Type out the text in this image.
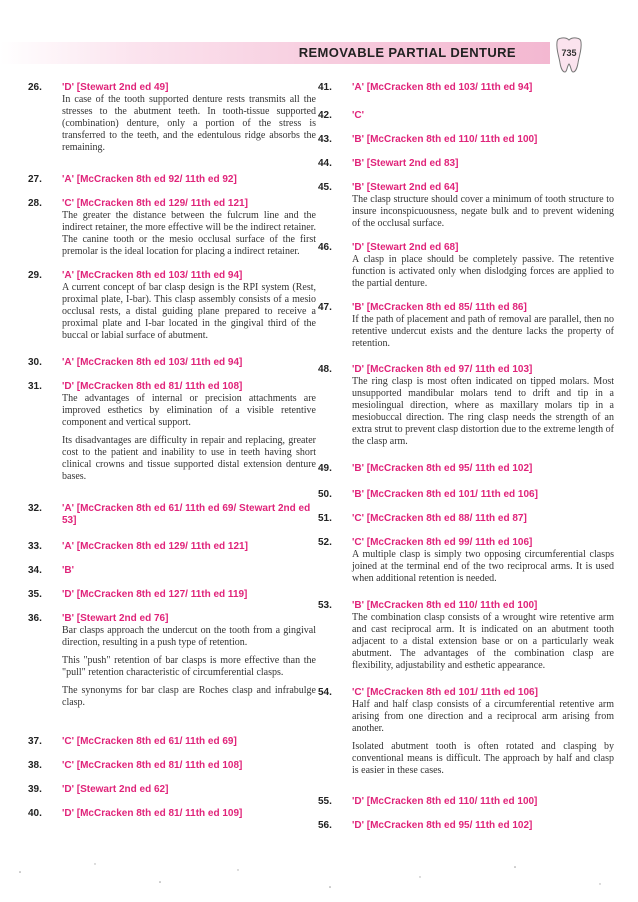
REMOVABLE PARTIAL DENTURE	735
26.	'D' [Stewart 2nd ed 49]

In case of the tooth supported denture rests transmits all the stresses to the abutment teeth. In tooth-tissue supported (combination) denture, only a portion of the stress is transferred to the teeth, and the edentulous ridge absorbs the remaining.

27.	'A' [McCracken 8th ed 92/ 11th ed 92]
28.	'C' [McCracken 8th ed 129/ 11th ed 121]

The greater the distance between the fulcrum line and the indirect retainer, the more effective will be the indirect retainer. The canine tooth or the mesio occlusal surface of the first premolar is the ideal location for placing a indirect retainer.

29.	'A' [McCracken 8th ed 103/ 11th ed 94]

A current concept of bar clasp design is the RPI system (Rest, proximal plate, I-bar). This clasp assembly consists of a mesio occlusal rests, a distal guiding plane prepared to receive a proximal plate and I-bar located in the gingival third of the buccal or labial surface of abutment.

30.	'A' [McCracken 8th ed 103/ 11th ed 94]
31.	'D' [McCracken 8th ed 81/ 11th ed 108]

The advantages of internal or precision attachments are improved esthetics by elimination of a visible retentive component and vertical support.

Its disadvantages are difficulty in repair and replacing, greater cost to the patient and inability to use in teeth having short clinical crowns and tissue supported distal extension denture bases.

32.	'A' [McCracken 8th ed 61/ 11th ed 69/ Stewart 2nd ed 53]
33.	'A' [McCracken 8th ed 129/ 11th ed 121]
34.	'B'
35.	'D' [McCracken 8th ed 127/ 11th ed 119]
36.	'B' [Stewart 2nd ed 76]

Bar clasps approach the undercut on the tooth from a gingival direction, resulting in a push type of retention.

This "push" retention of bar clasps is more effective than the "pull" retention characteristic of circumferential clasps.

The synonyms for bar clasp are Roches clasp and infrabulge clasp.

37.	'C' [McCracken 8th ed 61/ 11th ed 69]
38.	'C' [McCracken 8th ed 81/ 11th ed 108]
39.	'D' [Stewart 2nd ed 62]
40.	'D' [McCracken 8th ed 81/ 11th ed 109]
41.	'A' [McCracken 8th ed 103/ 11th ed 94]
42.	'C'
43.	'B' [McCracken 8th ed 110/ 11th ed 100]
44.	'B' [Stewart 2nd ed 83]
45.	'B' [Stewart 2nd ed 64]

The clasp structure should cover a minimum of tooth structure to insure inconspicuousness, negate bulk and to prevent widening of the occlusal surface.

46.	'D' [Stewart 2nd ed 68]

A clasp in place should be completely passive. The retentive function is activated only when dislodging forces are applied to the partial denture.

47.	'B' [McCracken 8th ed 85/ 11th ed 86]

If the path of placement and path of removal are parallel, then no retentive undercut exists and the denture lacks the property of retention.

48.	'D' [McCracken 8th ed 97/ 11th ed 103]

The ring clasp is most often indicated on tipped molars. Most unsupported mandibular molars tend to drift and tip in a mesiolingual direction, where as maxillary molars tip in a mesiobuccal direction. The ring clasp needs the strength of an extra strut to prevent clasp distortion due to the extreme length of the clasp arm.

49.	'B' [McCracken 8th ed 95/ 11th ed 102]
50.	'B' [McCracken 8th ed 101/ 11th ed 106]
51.	'C' [McCracken 8th ed 88/ 11th ed 87]
52.	'C' [McCracken 8th ed 99/ 11th ed 106]

A multiple clasp is simply two opposing circumferential clasps joined at the terminal end of the two reciprocal arms. It is used when additional retention is needed.

53.	'B' [McCracken 8th ed 110/ 11th ed 100]

The combination clasp consists of a wrought wire retentive arm and cast reciprocal arm. It is indicated on an abutment tooth adjacent to a distal extension base or on a particularly weak abutment. The advantages of the combination clasp are flexibility, adjustability and esthetic appearance.

54.	'C' [McCracken 8th ed 101/ 11th ed 106]

Half and half clasp consists of a circumferential retentive arm arising from one direction and a reciprocal arm arising from another.

Isolated abutment tooth is often rotated and clasping by conventional means is difficult. The approach by half and clasp is easier in these cases.

55.	'D' [McCracken 8th ed 110/ 11th ed 100]
56.	'D' [McCracken 8th ed 95/ 11th ed 102]
